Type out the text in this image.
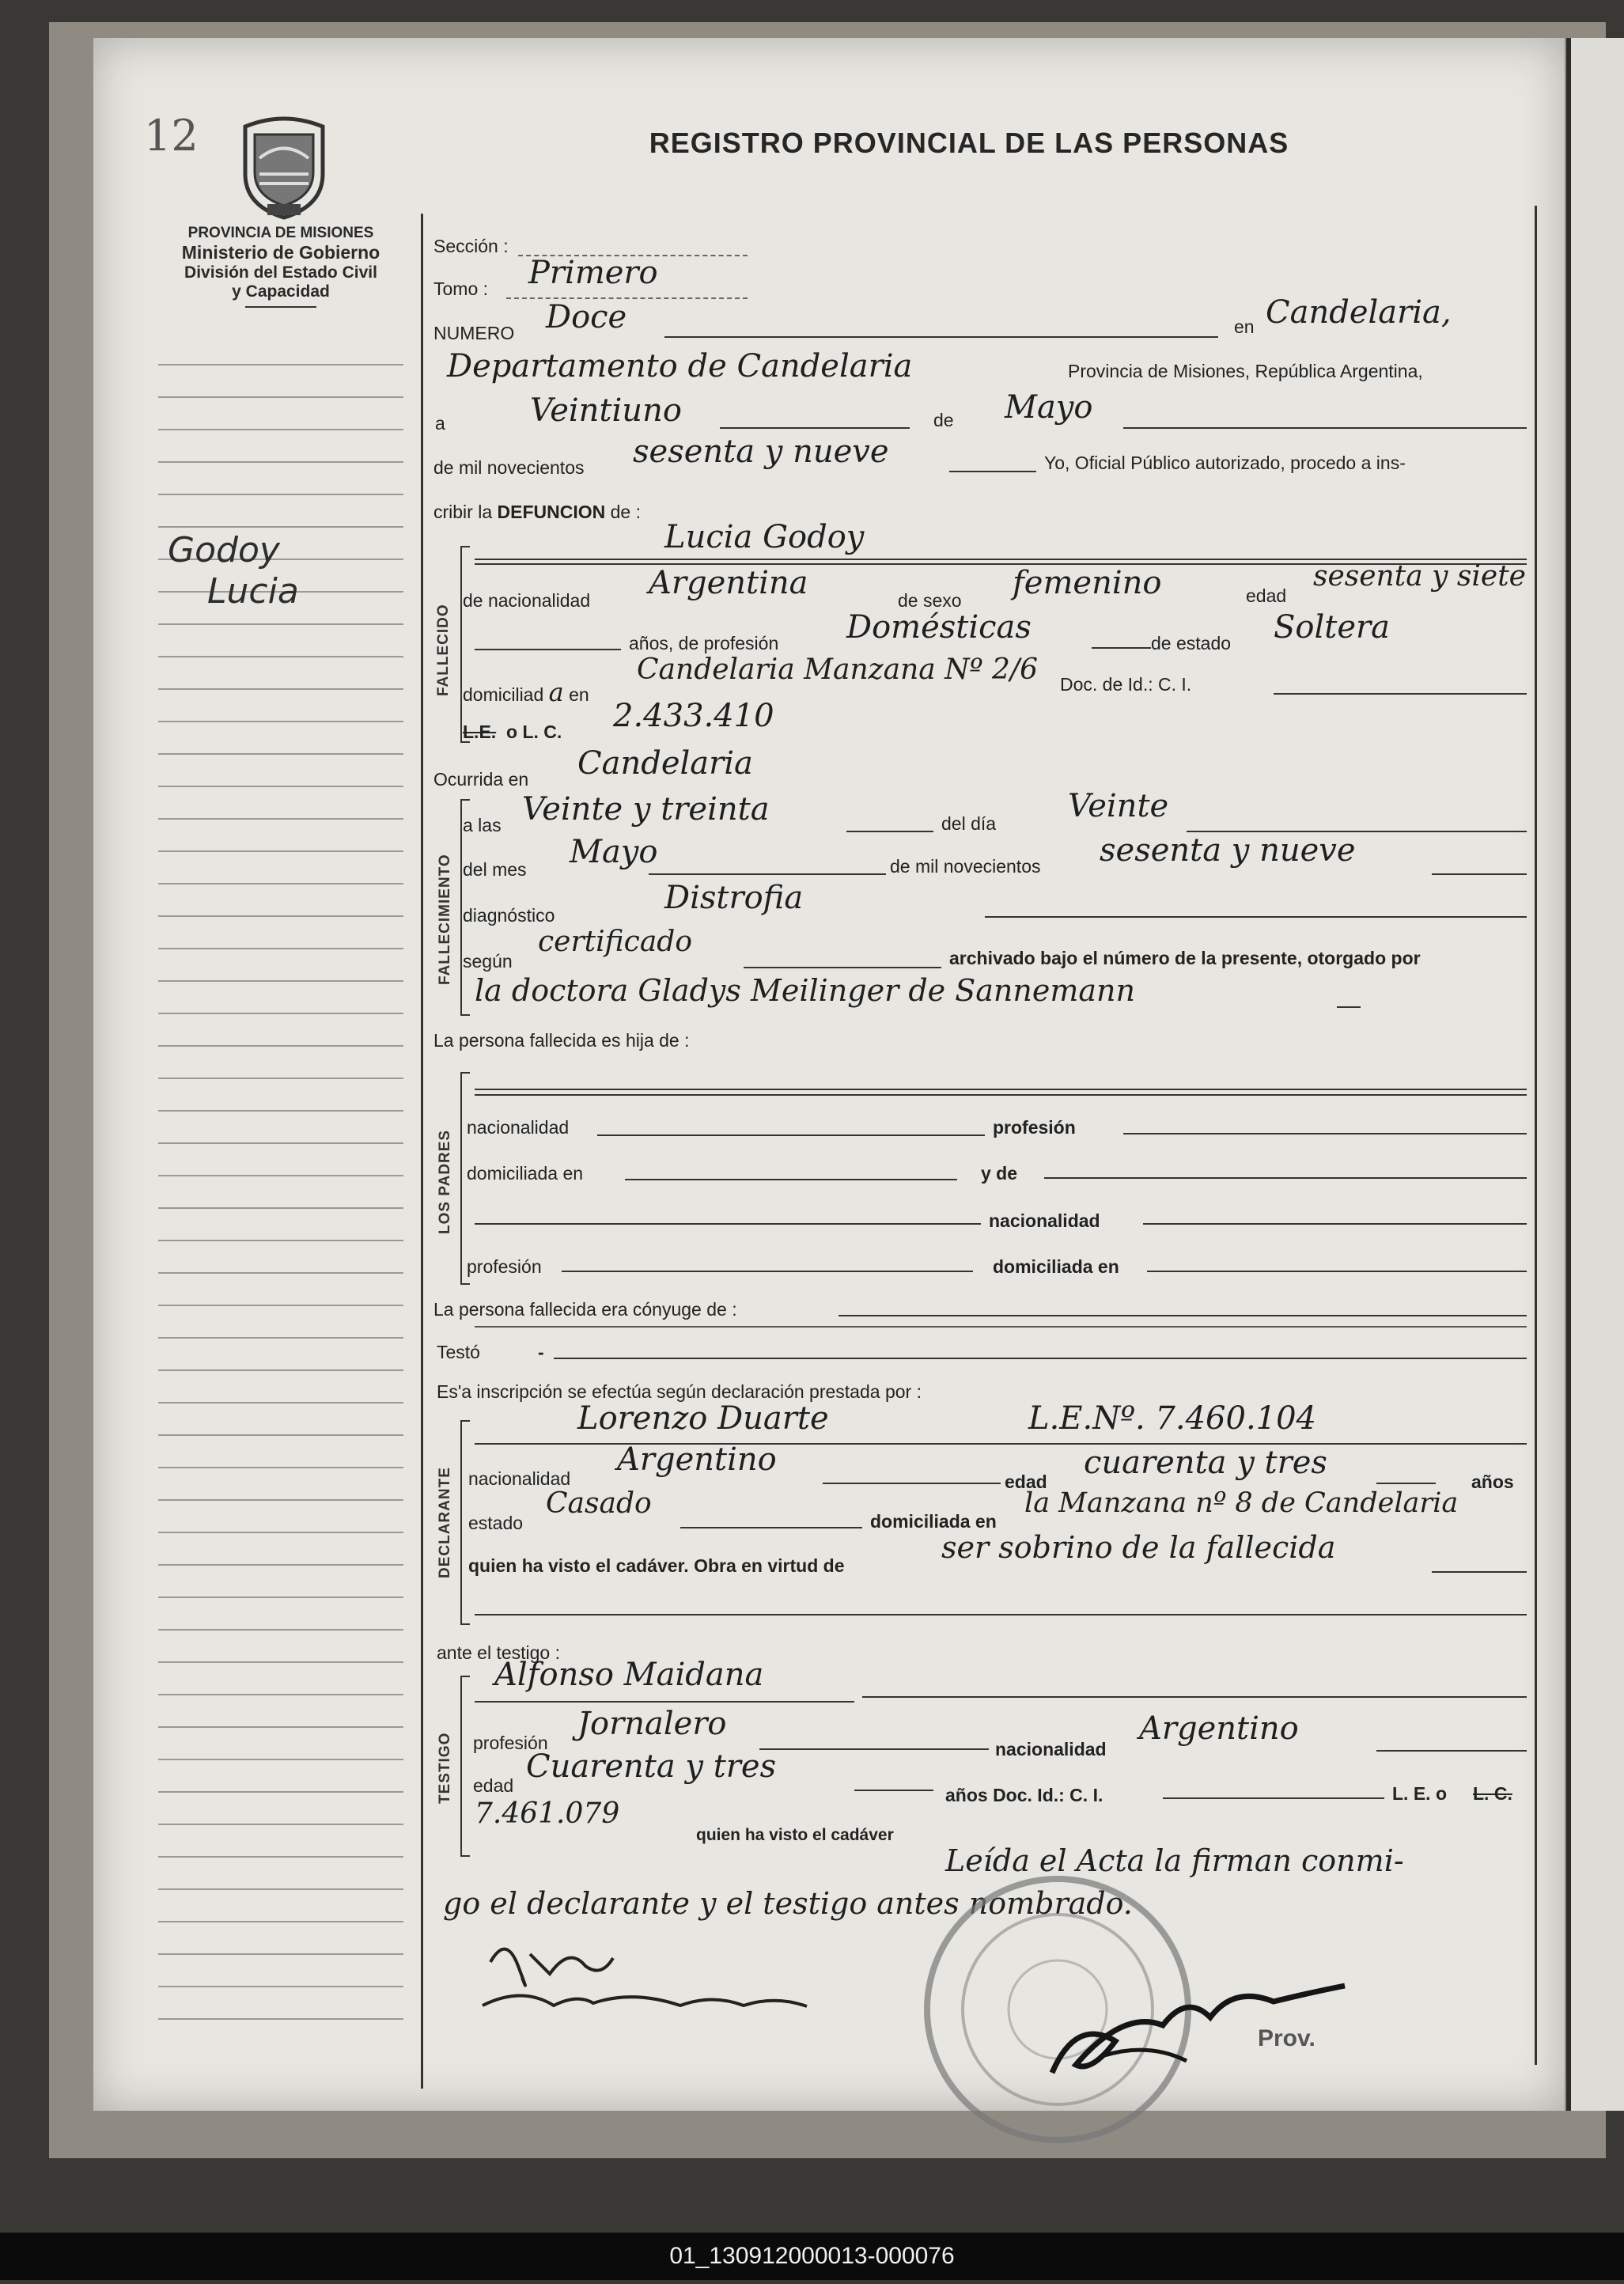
12	REGISTRO PROVINCIAL DE LAS PERSONAS
PROVINCIA DE MISIONES
Ministerio de Gobierno
División del Estado Civil
y Capacidad
Godoy
Lucia
Sección :
Tomo : Primero
NUMERO Doce	en Candelaria,
Departamento de Candelaria	Provincia de Misiones, República Argentina,
a	Veintiuno	de Mayo
de mil novecientos sesenta y nueve	Yo, Oficial Público autorizado, procedo a ins-
cribir la DEFUNCION de :
FALLECIDO
Lucia Godoy
de nacionalidad Argentina	de sexo femenino	edad
sesenta y siete
años, de profesión Domésticas	de estado Soltera
domiciliad a en
Candelaria Manzana Nº 2/6 Doc. de Id.: C. I.
L.E. o L. C. 2.433.410
Ocurrida en Candelaria
FALLECIMIENTO
a las Veinte y treinta	del día Veinte
del mes Mayo	de mil novecientos sesenta y nueve
diagnóstico	Distrofia
según
certificado	archivado bajo el número de la presente, otorgado por
la doctora Gladys Meilinger de Sannemann
La persona fallecida es hija de :
LOS PADRES
nacionalidad	profesión
domiciliada en	y de
nacionalidad
profesión	domiciliada en
La persona fallecida era cónyuge de :
Testó	-
Es'a inscripción se efectúa según declaración prestada por :
DECLARANTE
Lorenzo Duarte	L.E.Nº. 7.460.104
nacionalidad
Argentino
edad
cuarenta y tres
años
estado
Casado
domiciliada en
la Manzana nº 8 de Candelaria
quien ha visto el cadáver. Obra en virtud de
ser sobrino de la fallecida
ante el testigo :
TESTIGO
Alfonso Maidana
profesión
Jornalero
nacionalidad
Argentino
edad
Cuarenta y tres
años Doc. Id.: C. I.	L. E. o L. C.
7.461.079
quien ha visto el cadáver
Leída el Acta la firman conmi-
go el declarante y el testigo antes nombrado.
Prov.
01_130912000013-000076
